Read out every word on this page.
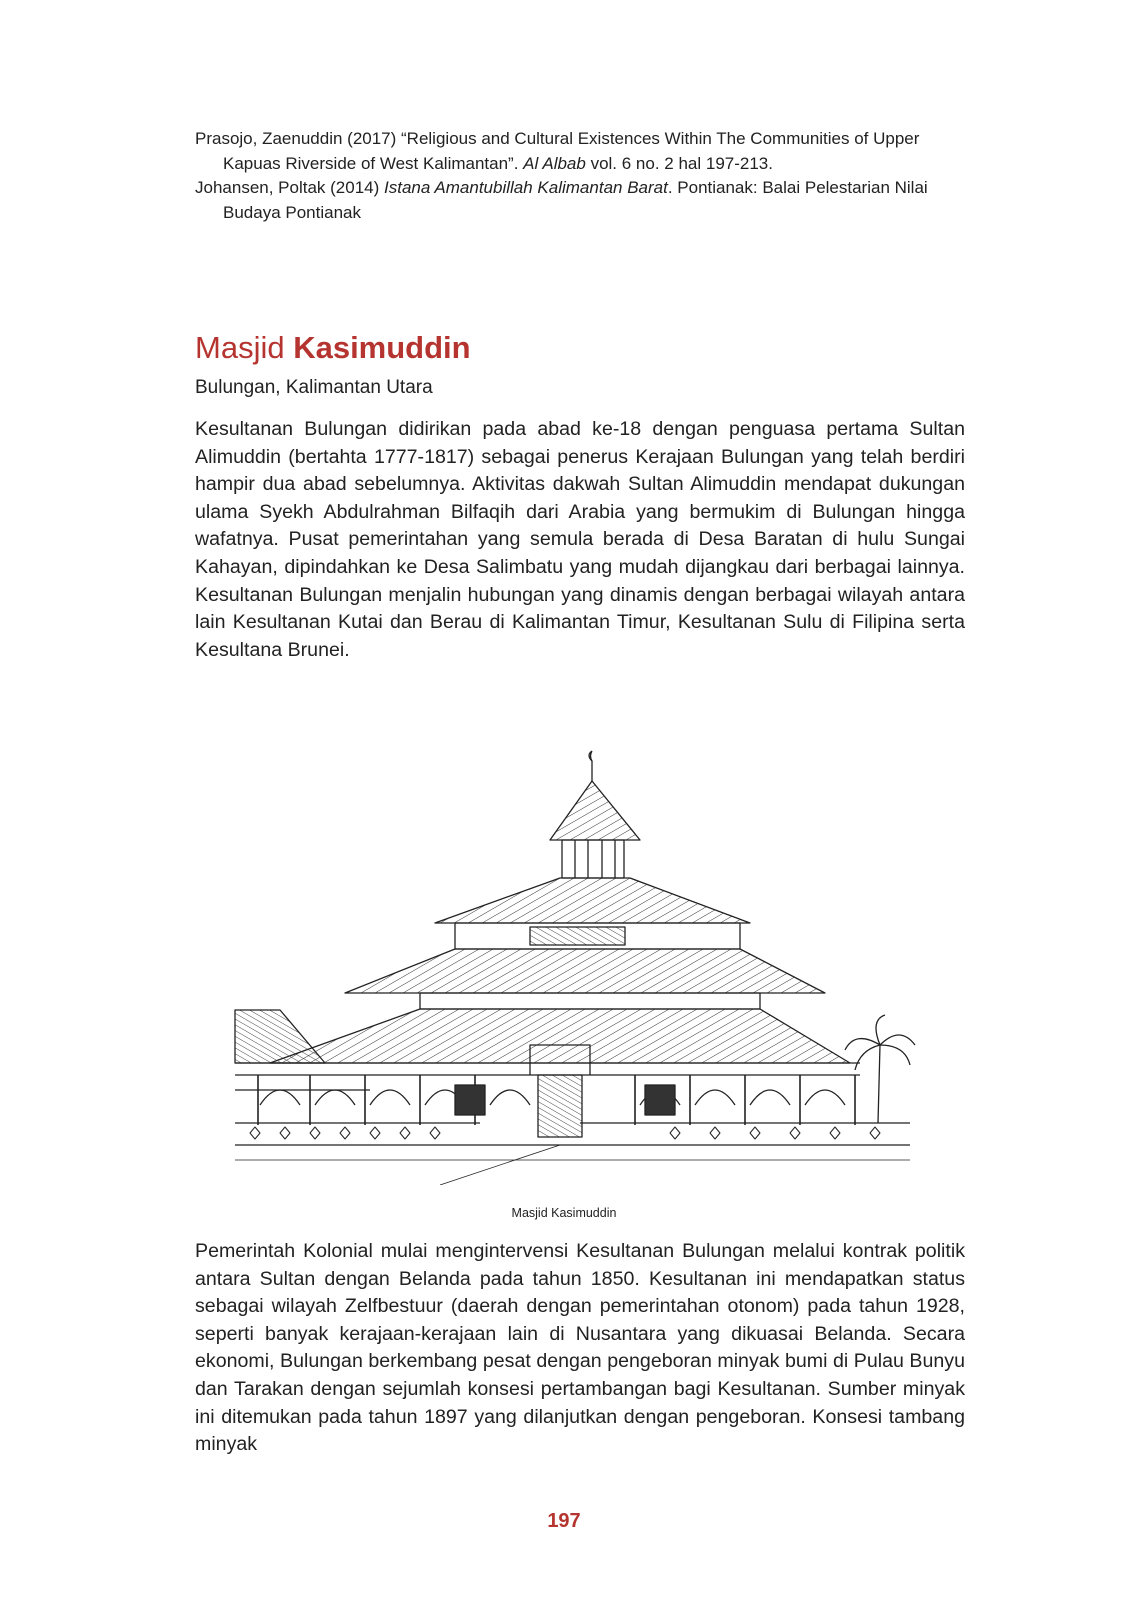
Prasojo, Zaenuddin (2017) “Religious and Cultural Existences Within The Communities of Upper Kapuas Riverside of West Kalimantan”. Al Albab vol. 6 no. 2 hal 197-213.

Johansen, Poltak (2014) Istana Amantubillah Kalimantan Barat. Pontianak: Balai Pelestarian Nilai Budaya Pontianak

Masjid Kasimuddin

Bulungan, Kalimantan Utara

Kesultanan Bulungan didirikan pada abad ke-18 dengan penguasa pertama Sultan Alimuddin (bertahta 1777-1817) sebagai penerus Kerajaan Bulungan yang telah berdiri hampir dua abad sebelumnya. Aktivitas dakwah Sultan Alimuddin mendapat dukungan ulama Syekh Abdulrahman Bilfaqih dari Arabia yang bermukim di Bulungan hingga wafatnya. Pusat pemerintahan yang semula berada di Desa Baratan di hulu Sungai Kahayan, dipindahkan ke Desa Salimbatu yang mudah dijangkau dari berbagai lainnya. Kesultanan Bulungan menjalin hubungan yang dinamis dengan berbagai wilayah antara lain Kesultanan Kutai dan Berau di Kalimantan Timur, Kesultanan Sulu di Filipina serta Kesultana Brunei.

Masjid Kasimuddin

Pemerintah Kolonial mulai mengintervensi Kesultanan Bulungan melalui kontrak politik antara Sultan dengan Belanda pada tahun 1850. Kesultanan ini mendapatkan status sebagai wilayah Zelfbestuur (daerah dengan pemerintahan otonom) pada tahun 1928, seperti banyak kerajaan-kerajaan lain di Nusantara yang dikuasai Belanda. Secara ekonomi, Bulungan berkembang pesat dengan pengeboran minyak bumi di Pulau Bunyu dan Tarakan dengan sejumlah konsesi pertambangan bagi Kesultanan. Sumber minyak ini ditemukan pada tahun 1897 yang dilanjutkan dengan pengeboran. Konsesi tambang minyak

197
